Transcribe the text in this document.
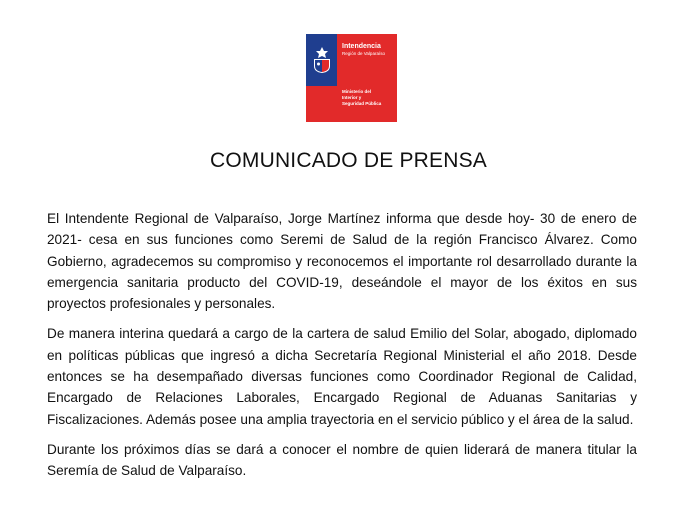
Intendencia
Región de Valparaíso
Ministerio del
Interior y
Seguridad Pública
COMUNICADO DE PRENSA

El Intendente Regional de Valparaíso, Jorge Martínez informa que desde hoy- 30 de enero de 2021- cesa en sus funciones como Seremi de Salud de la región Francisco Álvarez. Como Gobierno, agradecemos su compromiso y reconocemos el importante rol desarrollado durante la emergencia sanitaria producto del COVID-19, deseándole el mayor de los éxitos en sus proyectos profesionales y personales.

De manera interina quedará a cargo de la cartera de salud Emilio del Solar, abogado, diplomado en políticas públicas que ingresó a dicha Secretaría Regional Ministerial el año 2018. Desde entonces se ha desempañado diversas funciones como Coordinador Regional de Calidad, Encargado de Relaciones Laborales, Encargado Regional de Aduanas Sanitarias y Fiscalizaciones. Además posee una amplia trayectoria en el servicio público y el área de la salud.

Durante los próximos días se dará a conocer el nombre de quien liderará de manera titular la Seremía de Salud de Valparaíso.
